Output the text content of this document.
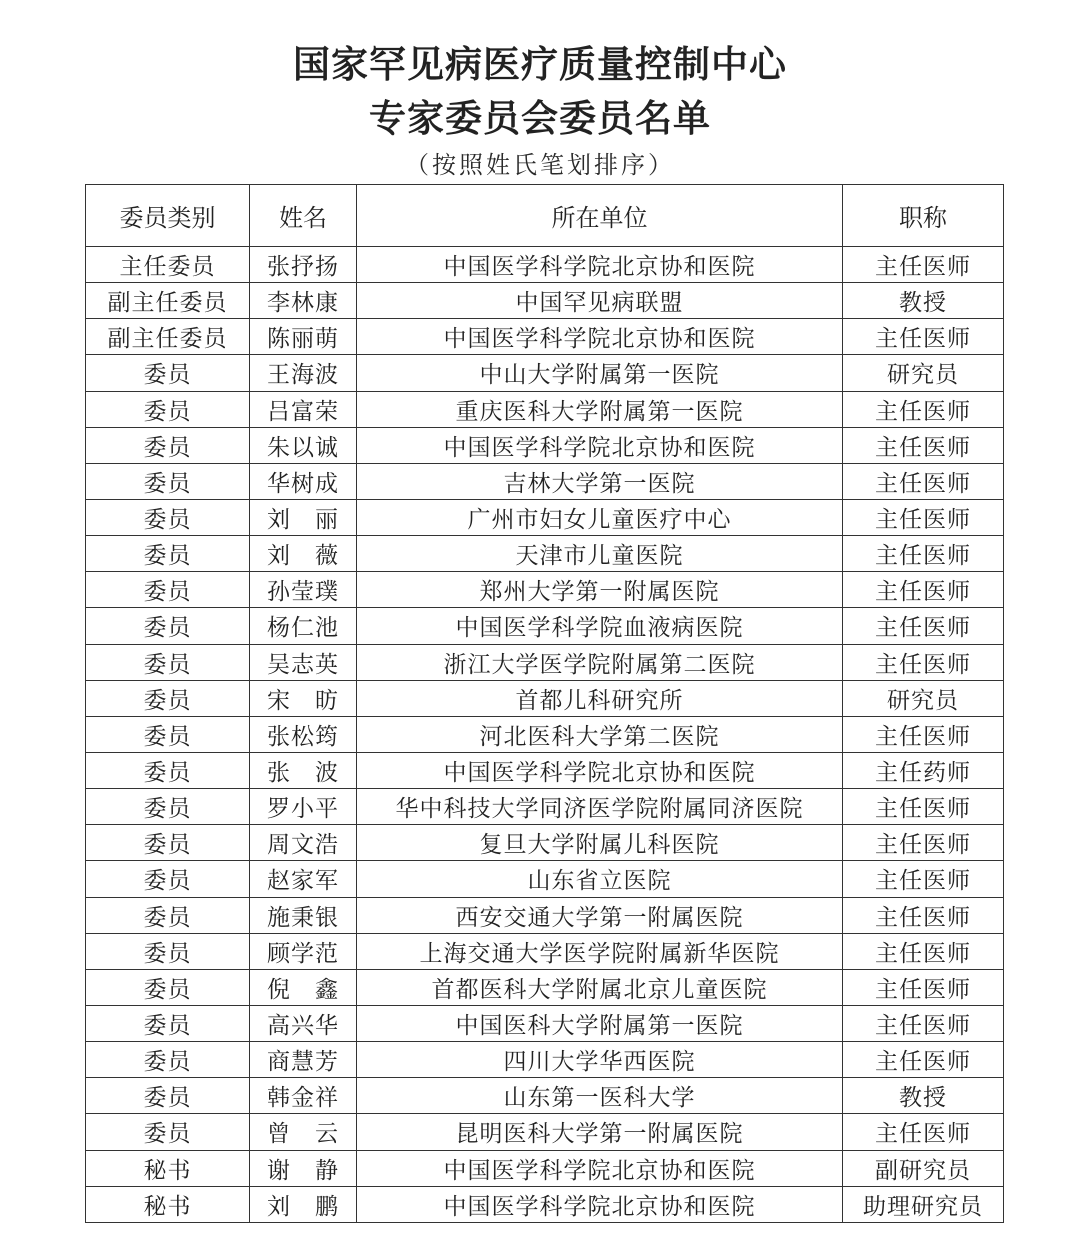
国家罕见病医疗质量控制中心
专家委员会委员名单
（按照姓氏笔划排序）
委员类别	姓名	所在单位	职称
主任委员	张抒扬	中国医学科学院北京协和医院	主任医师
副主任委员	李林康	中国罕见病联盟	教授
副主任委员	陈丽萌	中国医学科学院北京协和医院	主任医师
委员	王海波	中山大学附属第一医院	研究员
委员	吕富荣	重庆医科大学附属第一医院	主任医师
委员	朱以诚	中国医学科学院北京协和医院	主任医师
委员	华树成	吉林大学第一医院	主任医师
委员	刘　丽	广州市妇女儿童医疗中心	主任医师
委员	刘　薇	天津市儿童医院	主任医师
委员	孙莹璞	郑州大学第一附属医院	主任医师
委员	杨仁池	中国医学科学院血液病医院	主任医师
委员	吴志英	浙江大学医学院附属第二医院	主任医师
委员	宋　昉	首都儿科研究所	研究员
委员	张松筠	河北医科大学第二医院	主任医师
委员	张　波	中国医学科学院北京协和医院	主任药师
委员	罗小平	华中科技大学同济医学院附属同济医院	主任医师
委员	周文浩	复旦大学附属儿科医院	主任医师
委员	赵家军	山东省立医院	主任医师
委员	施秉银	西安交通大学第一附属医院	主任医师
委员	顾学范	上海交通大学医学院附属新华医院	主任医师
委员	倪　鑫	首都医科大学附属北京儿童医院	主任医师
委员	高兴华	中国医科大学附属第一医院	主任医师
委员	商慧芳	四川大学华西医院	主任医师
委员	韩金祥	山东第一医科大学	教授
委员	曾　云	昆明医科大学第一附属医院	主任医师
秘书	谢　静	中国医学科学院北京协和医院	副研究员
秘书	刘　鹏	中国医学科学院北京协和医院	助理研究员
